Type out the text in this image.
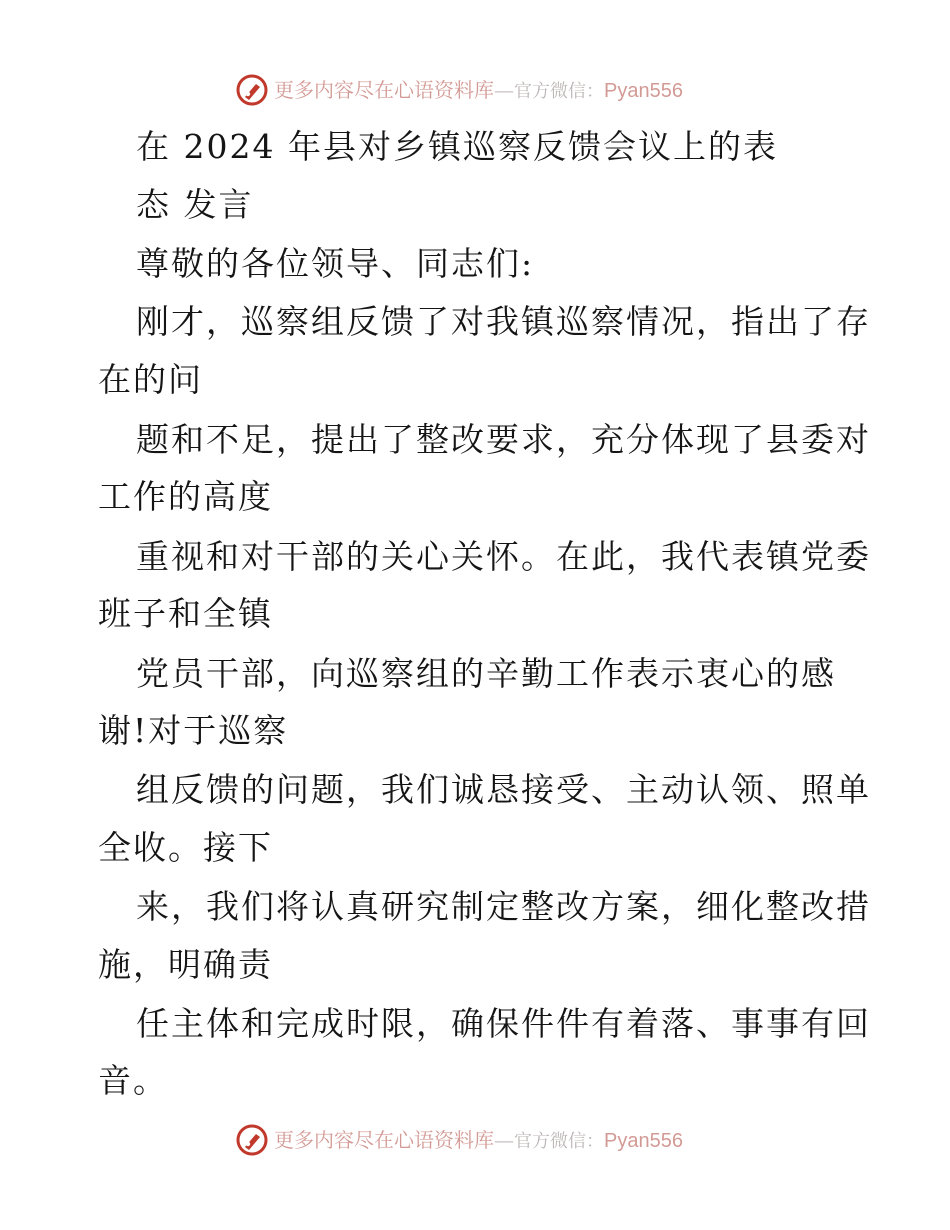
更多内容尽在心语资料库—官方微信：Pyan556
在 2024 年县对乡镇巡察反馈会议上的表
态 发言
尊敬的各位领导、同志们:
刚才，巡察组反馈了对我镇巡察情况，指出了存
在的问
题和不足，提出了整改要求，充分体现了县委对
工作的高度
重视和对干部的关心关怀。在此，我代表镇党委
班子和全镇
党员干部，向巡察组的辛勤工作表示衷心的感
谢!对于巡察
组反馈的问题，我们诚恳接受、主动认领、照单
全收。接下
来，我们将认真研究制定整改方案，细化整改措
施，明确责
任主体和完成时限，确保件件有着落、事事有回
音。
更多内容尽在心语资料库—官方微信：Pyan556
